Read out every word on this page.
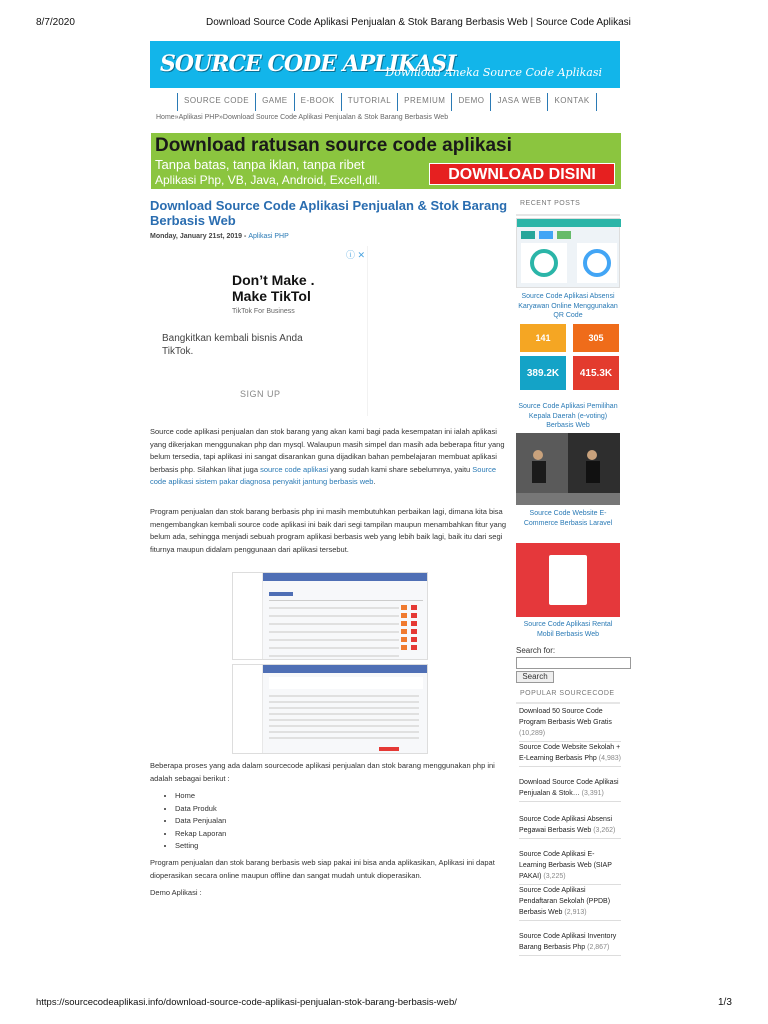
8/7/2020	Download Source Code Aplikasi Penjualan & Stok Barang Berbasis Web | Source Code Aplikasi
https://sourcecodeaplikasi.info/download-source-code-aplikasi-penjualan-stok-barang-berbasis-web/	1/3
SOURCE CODE APLIKASI
Download Aneka Source Code Aplikasi
SOURCE CODE	GAME	E-BOOK	TUTORIAL	PREMIUM	DEMO	JASA WEB	KONTAK
Home»Aplikasi PHP»Download Source Code Aplikasi Penjualan & Stok Barang Berbasis Web
Download ratusan source code aplikasi
Tanpa batas, tanpa iklan, tanpa ribet
Aplikasi Php, VB, Java, Android, Excell,dll.	DOWNLOAD DISINI
Download Source Code Aplikasi Penjualan & Stok Barang Berbasis Web
Monday, January 21st, 2019 - Aplikasi PHP
ⓘ ✕
Don’t Make .
Make TikTol
TikTok For Business
Bangkitkan kembali bisnis Anda TikTok.
SIGN UP
Source code aplikasi penjualan dan stok barang yang akan kami bagi pada kesempatan ini ialah aplikasi yang dikerjakan menggunakan php dan mysql. Walaupun masih simpel dan masih ada beberapa fitur yang belum tersedia, tapi aplikasi ini sangat disarankan guna dijadikan bahan pembelajaran membuat aplikasi berbasis php. Silahkan lihat juga source code aplikasi yang sudah kami share sebelumnya, yaitu Source code aplikasi sistem pakar diagnosa penyakit jantung berbasis web.
Program penjualan dan stok barang berbasis php ini masih membutuhkan perbaikan lagi, dimana kita bisa mengembangkan kembali source code aplikasi ini baik dari segi tampilan maupun menambahkan fitur yang belum ada, sehingga menjadi sebuah program aplikasi berbasis web yang lebih baik lagi, baik itu dari segi fiturnya maupun didalam penggunaan dari aplikasi tersebut.
Beberapa proses yang ada dalam sourcecode aplikasi penjualan dan stok barang menggunakan php ini adalah sebagai berikut :
• Home
• Data Produk
• Data Penjualan
• Rekap Laporan
• Setting
Program penjualan dan stok barang berbasis web siap pakai ini bisa anda aplikasikan, Aplikasi ini dapat dioperasikan secara online maupun offline dan sangat mudah untuk dioperasikan.
Demo Aplikasi :
RECENT POSTS
Source Code Aplikasi Absensi Karyawan Online Menggunakan QR Code
141	305
389.2K	415.3K
Source Code Aplikasi Pemilihan Kepala Daerah (e-voting) Berbasis Web
Source Code Website E-Commerce Berbasis Laravel
Source Code Aplikasi Rental Mobil Berbasis Web
Search for:
Search
POPULAR SOURCECODE
Download 50 Source Code Program Berbasis Web Gratis (10,289)
Source Code Website Sekolah + E-Learning Berbasis Php (4,983)
Download Source Code Aplikasi Penjualan & Stok… (3,391)
Source Code Aplikasi Absensi Pegawai Berbasis Web (3,262)
Source Code Aplikasi E-Learning Berbasis Web (SIAP PAKAI) (3,225)
Source Code Aplikasi Pendaftaran Sekolah (PPDB) Berbasis Web (2,913)
Source Code Aplikasi Inventory Barang Berbasis Php (2,867)
